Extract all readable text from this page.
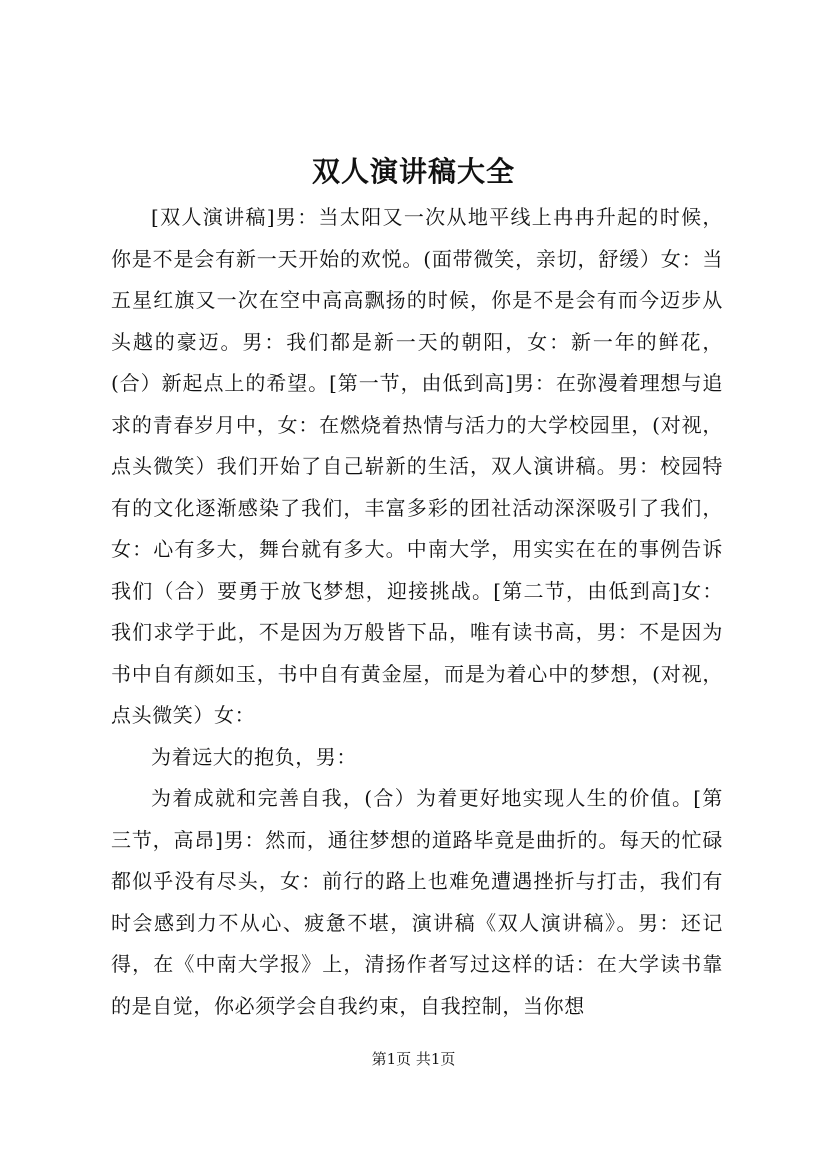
双人演讲稿大全

[双人演讲稿]男：当太阳又一次从地平线上冉冉升起的时候，你是不是会有新一天开始的欢悦。(面带微笑，亲切，舒缓）女：当五星红旗又一次在空中高高飘扬的时候，你是不是会有而今迈步从头越的豪迈。男：我们都是新一天的朝阳，女：新一年的鲜花，(合）新起点上的希望。[第一节，由低到高]男：在弥漫着理想与追求的青春岁月中，女：在燃烧着热情与活力的大学校园里，(对视，点头微笑）我们开始了自己崭新的生活，双人演讲稿。男：校园特有的文化逐渐感染了我们，丰富多彩的团社活动深深吸引了我们，女：心有多大，舞台就有多大。中南大学，用实实在在的事例告诉我们（合）要勇于放飞梦想，迎接挑战。[第二节，由低到高]女：我们求学于此，不是因为万般皆下品，唯有读书高，男：不是因为书中自有颜如玉，书中自有黄金屋，而是为着心中的梦想，(对视，点头微笑）女：

为着远大的抱负，男：

为着成就和完善自我，(合）为着更好地实现人生的价值。[第三节，高昂]男：然而，通往梦想的道路毕竟是曲折的。每天的忙碌都似乎没有尽头，女：前行的路上也难免遭遇挫折与打击，我们有时会感到力不从心、疲惫不堪，演讲稿《双人演讲稿》。男：还记得，在《中南大学报》上，清扬作者写过这样的话：在大学读书靠的是自觉，你必须学会自我约束，自我控制，当你想

第1页 共1页
